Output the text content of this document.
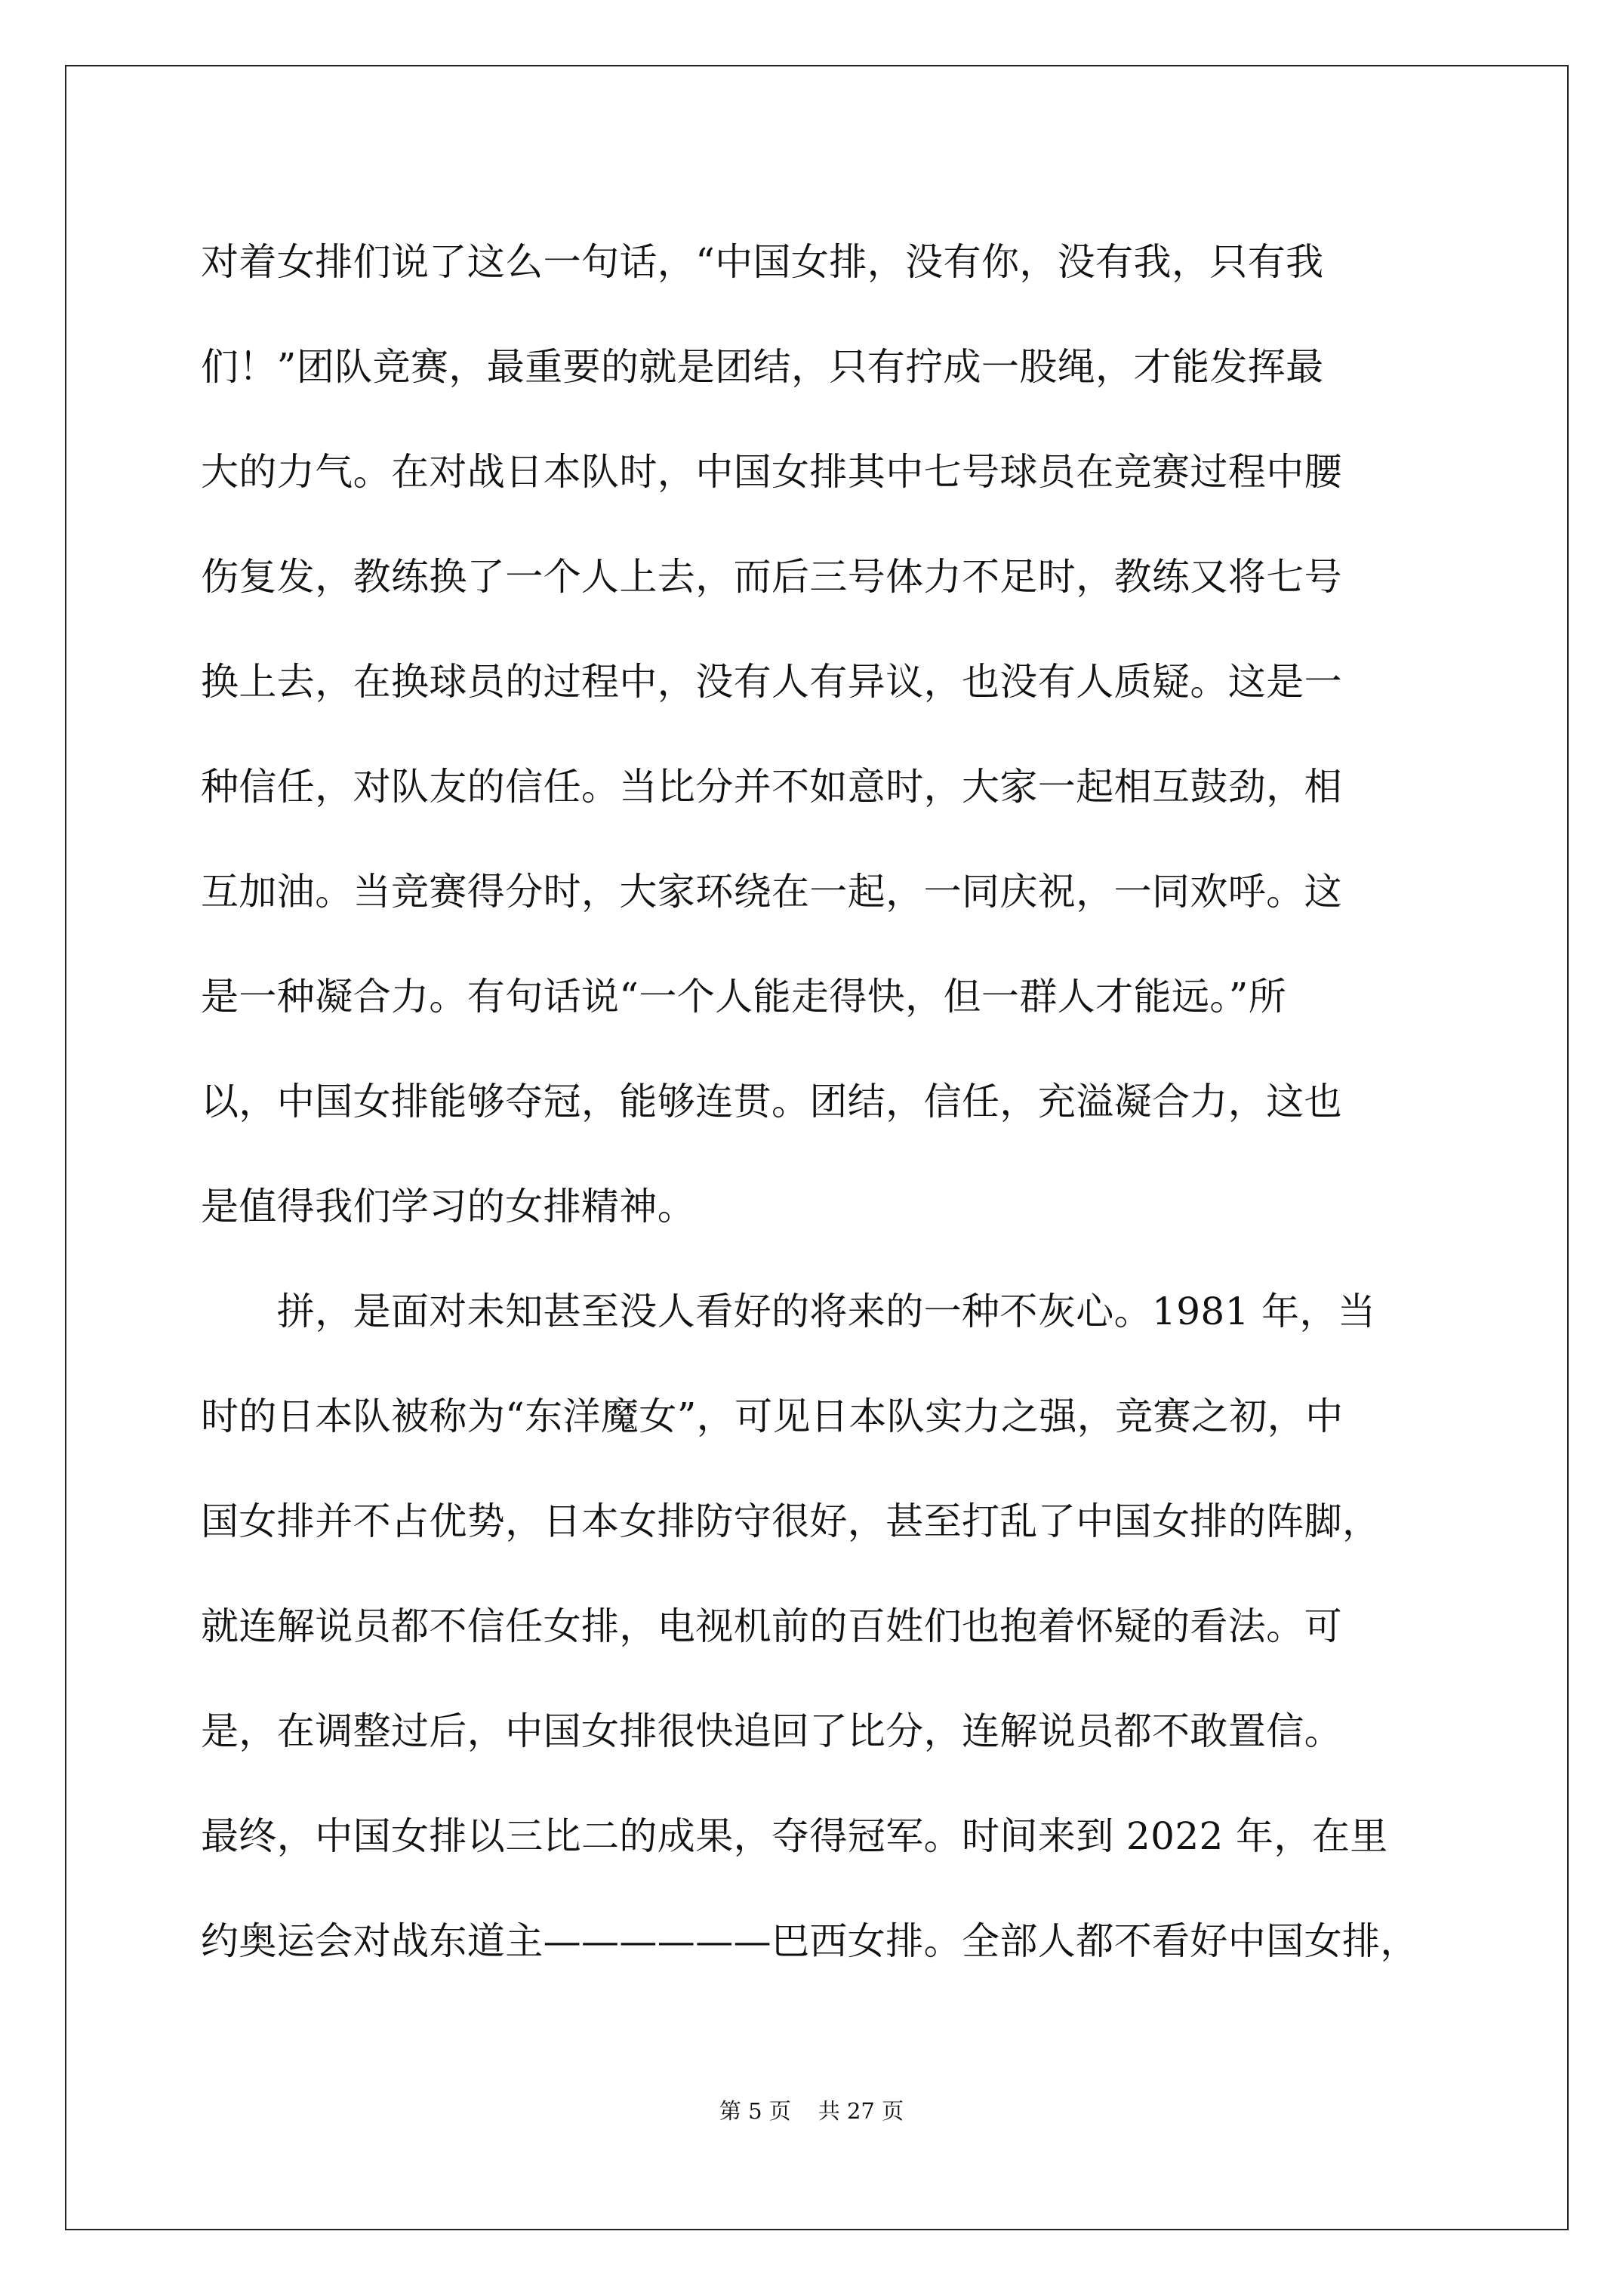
对着女排们说了这么一句话，“中国女排，没有你，没有我，只有我
们！”团队竞赛，最重要的就是团结，只有拧成一股绳，才能发挥最
大的力气。在对战日本队时，中国女排其中七号球员在竞赛过程中腰
伤复发，教练换了一个人上去，而后三号体力不足时，教练又将七号
换上去，在换球员的过程中，没有人有异议，也没有人质疑。这是一
种信任，对队友的信任。当比分并不如意时，大家一起相互鼓劲，相
互加油。当竞赛得分时，大家环绕在一起，一同庆祝，一同欢呼。这
是一种凝合力。有句话说“一个人能走得快，但一群人才能远。”所
以，中国女排能够夺冠，能够连贯。团结，信任，充溢凝合力，这也
是值得我们学习的女排精神。
　　拼，是面对未知甚至没人看好的将来的一种不灰心。1981 年，当
时的日本队被称为“东洋魔女”，可见日本队实力之强，竞赛之初，中
国女排并不占优势，日本女排防守很好，甚至打乱了中国女排的阵脚，
就连解说员都不信任女排，电视机前的百姓们也抱着怀疑的看法。可
是，在调整过后，中国女排很快追回了比分，连解说员都不敢置信。
最终，中国女排以三比二的成果，夺得冠军。时间来到 2022 年，在里
约奥运会对战东道主——————巴西女排。全部人都不看好中国女排，
第 5 页 共 27 页
